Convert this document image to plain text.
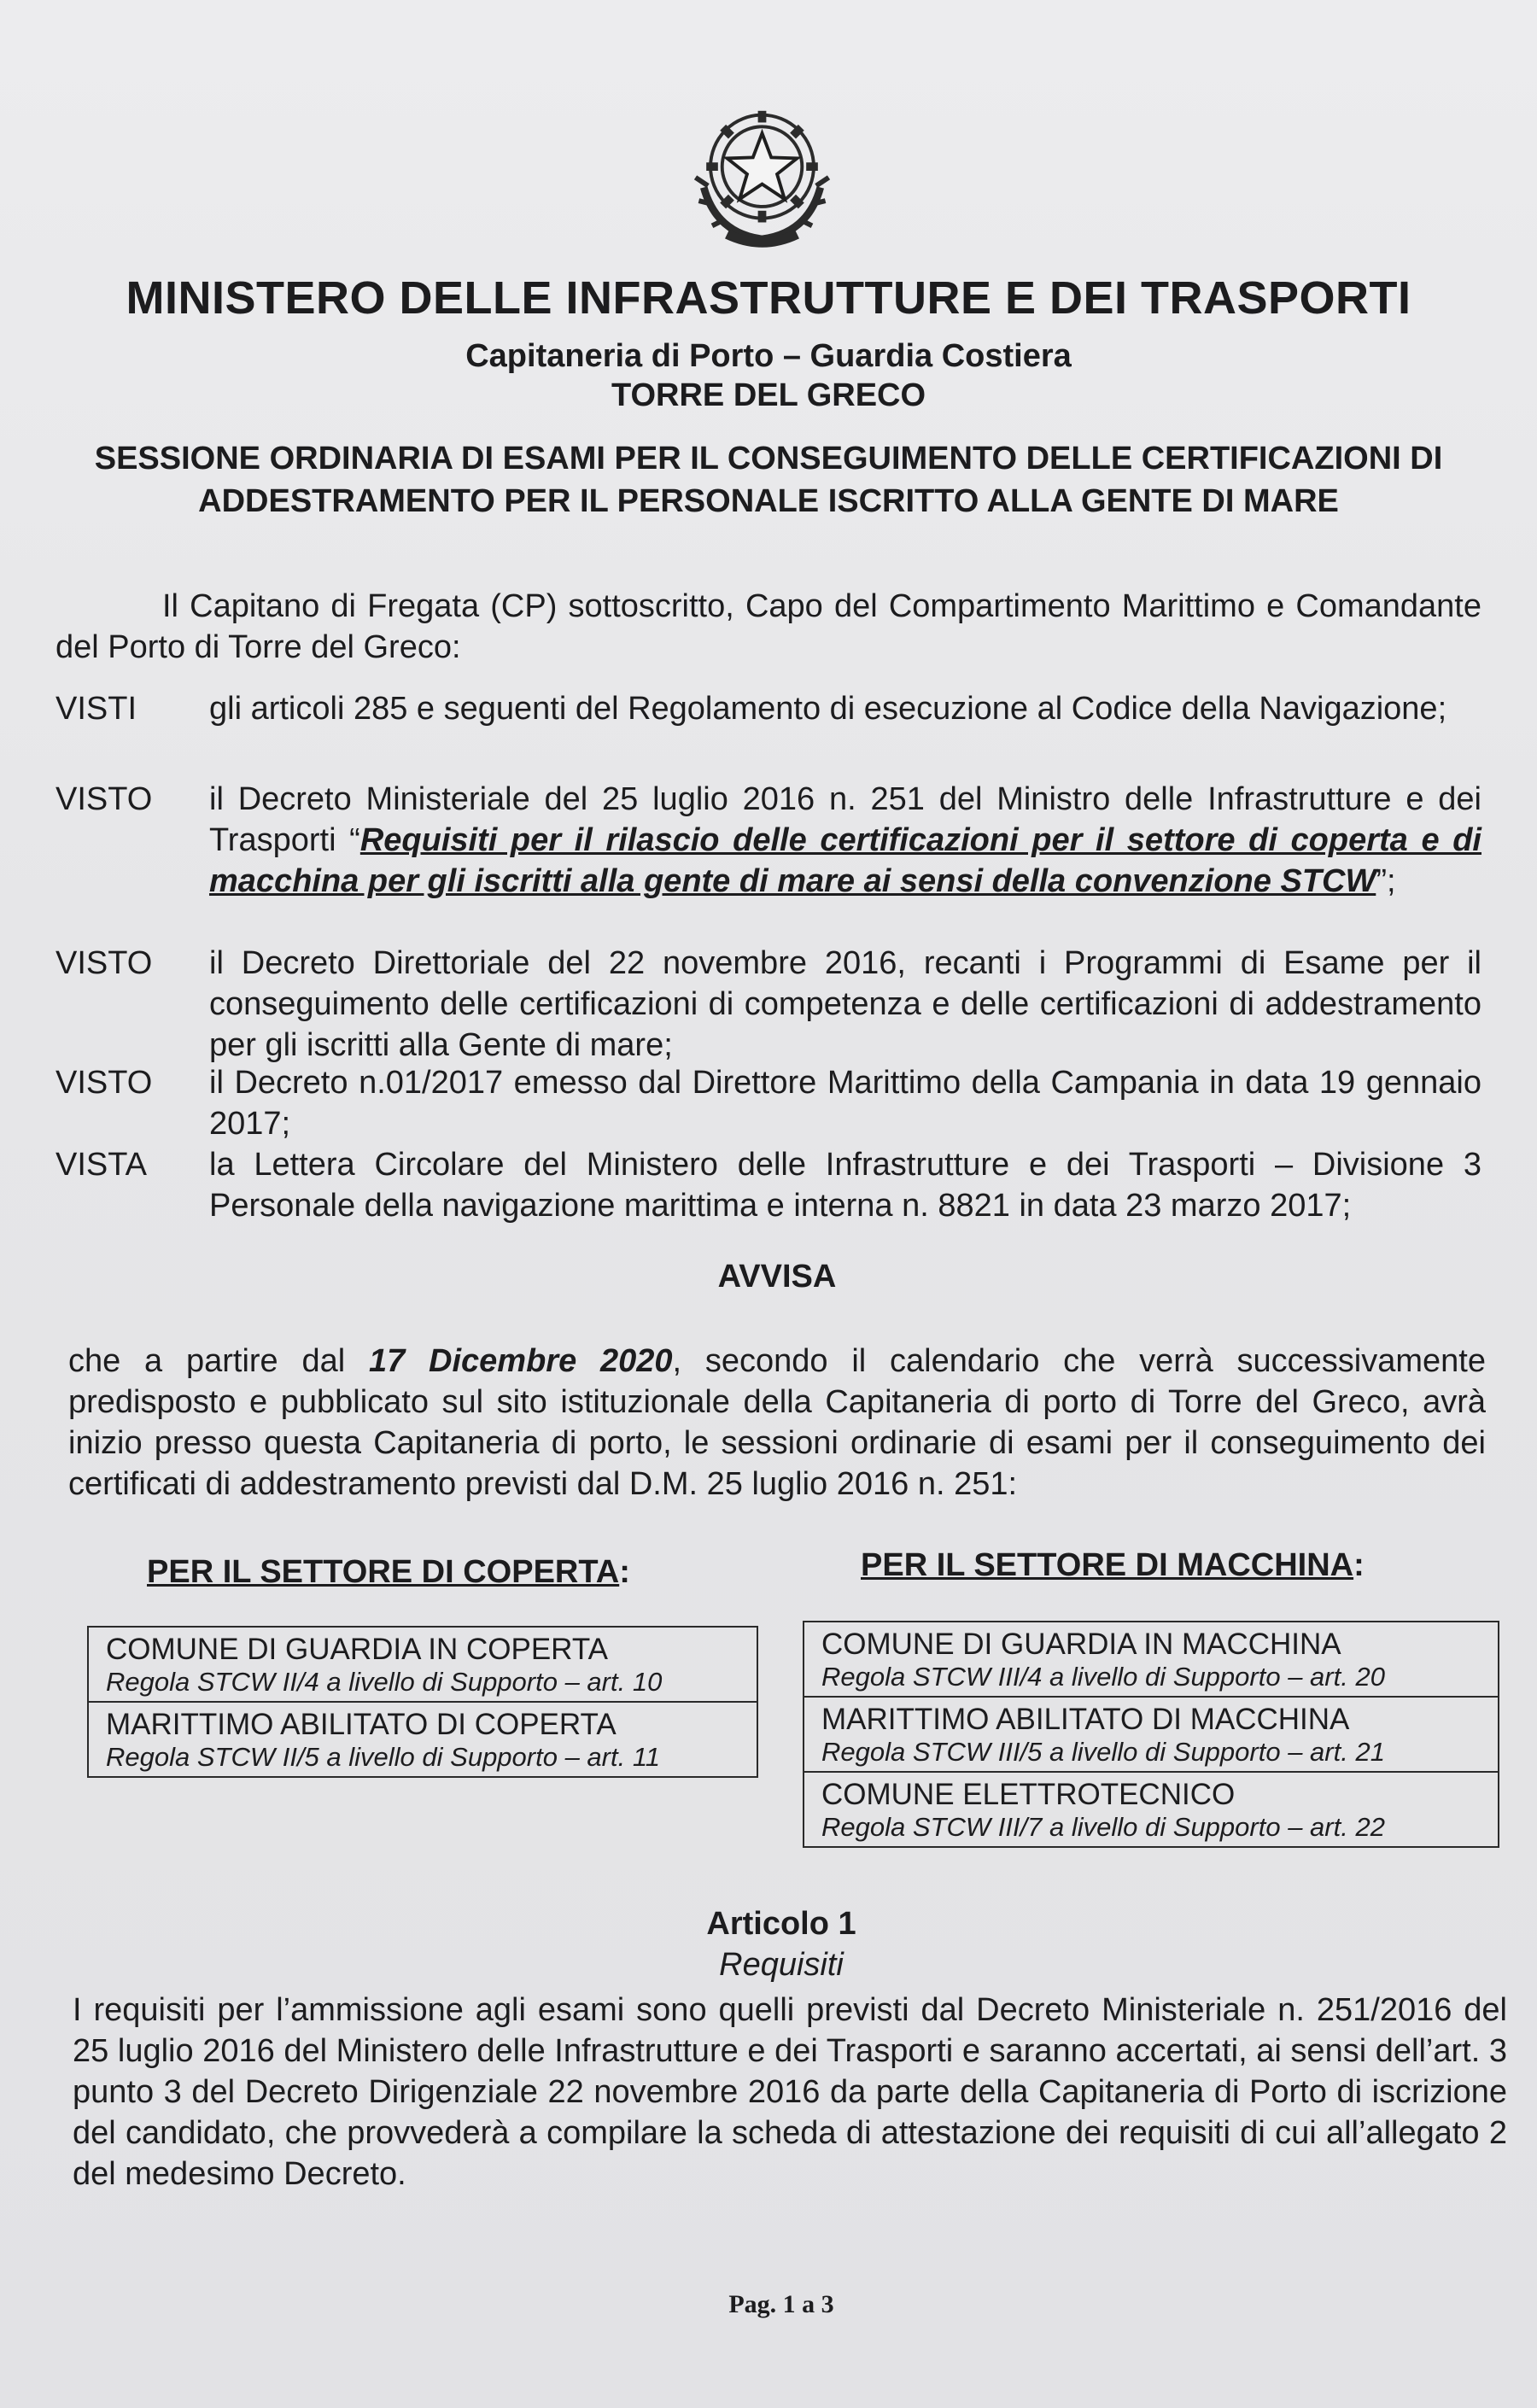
MINISTERO DELLE INFRASTRUTTURE E DEI TRASPORTI
Capitaneria di Porto – Guardia Costiera
TORRE DEL GRECO
SESSIONE ORDINARIA DI ESAMI PER IL CONSEGUIMENTO DELLE CERTIFICAZIONI DI ADDESTRAMENTO PER IL PERSONALE ISCRITTO ALLA GENTE DI MARE
Il Capitano di Fregata (CP) sottoscritto, Capo del Compartimento Marittimo e Comandante del Porto di Torre del Greco:
VISTI gli articoli 285 e seguenti del Regolamento di esecuzione al Codice della Navigazione;
VISTO il Decreto Ministeriale del 25 luglio 2016 n. 251 del Ministro delle Infrastrutture e dei Trasporti “Requisiti per il rilascio delle certificazioni per il settore di coperta e di macchina per gli iscritti alla gente di mare ai sensi della convenzione STCW”;
VISTO il Decreto Direttoriale del 22 novembre 2016, recanti i Programmi di Esame per il conseguimento delle certificazioni di competenza e delle certificazioni di addestramento per gli iscritti alla Gente di mare;
VISTO il Decreto n.01/2017 emesso dal Direttore Marittimo della Campania in data 19 gennaio 2017;
VISTA la Lettera Circolare del Ministero delle Infrastrutture e dei Trasporti – Divisione 3 Personale della navigazione marittima e interna n. 8821 in data 23 marzo 2017;
AVVISA
che a partire dal 17 Dicembre 2020, secondo il calendario che verrà successivamente predisposto e pubblicato sul sito istituzionale della Capitaneria di porto di Torre del Greco, avrà inizio presso questa Capitaneria di porto, le sessioni ordinarie di esami per il conseguimento dei certificati di addestramento previsti dal D.M. 25 luglio 2016 n. 251:
PER IL SETTORE DI COPERTA:	PER IL SETTORE DI MACCHINA:
COMUNE DI GUARDIA IN COPERTA
Regola STCW II/4 a livello di Supporto – art. 10

MARITTIMO ABILITATO DI COPERTA
Regola STCW II/5 a livello di Supporto – art. 11
COMUNE DI GUARDIA IN MACCHINA
Regola STCW III/4 a livello di Supporto – art. 20

MARITTIMO ABILITATO DI MACCHINA
Regola STCW III/5 a livello di Supporto – art. 21

COMUNE ELETTROTECNICO
Regola STCW III/7 a livello di Supporto – art. 22
Articolo 1
Requisiti
I requisiti per l’ammissione agli esami sono quelli previsti dal Decreto Ministeriale n. 251/2016 del 25 luglio 2016 del Ministero delle Infrastrutture e dei Trasporti e saranno accertati, ai sensi dell’art. 3 punto 3 del Decreto Dirigenziale 22 novembre 2016 da parte della Capitaneria di Porto di iscrizione del candidato, che provvederà a compilare la scheda di attestazione dei requisiti di cui all’allegato 2 del medesimo Decreto.
Pag. 1 a 3
